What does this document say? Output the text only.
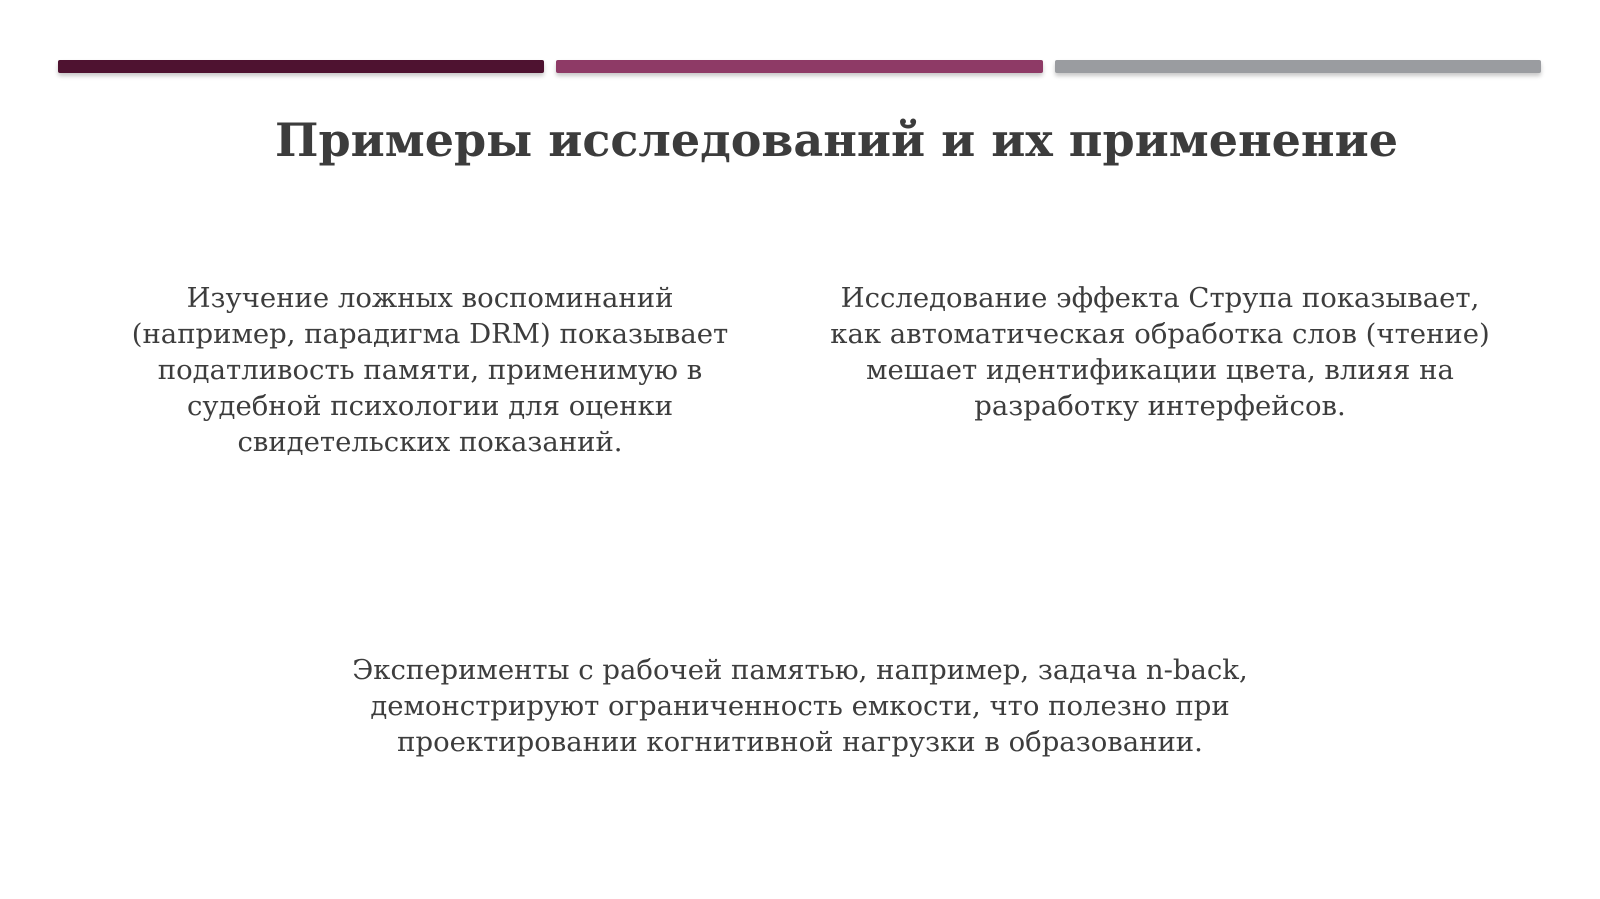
Примеры исследований и их применение
Изучение ложных воспоминаний
(например, парадигма DRM) показывает
податливость памяти, применимую в
судебной психологии для оценки
свидетельских показаний.
Исследование эффекта Струпа показывает,
как автоматическая обработка слов (чтение)
мешает идентификации цвета, влияя на
разработку интерфейсов.
Эксперименты с рабочей памятью, например, задача n-back,
демонстрируют ограниченность емкости, что полезно при
проектировании когнитивной нагрузки в образовании.
